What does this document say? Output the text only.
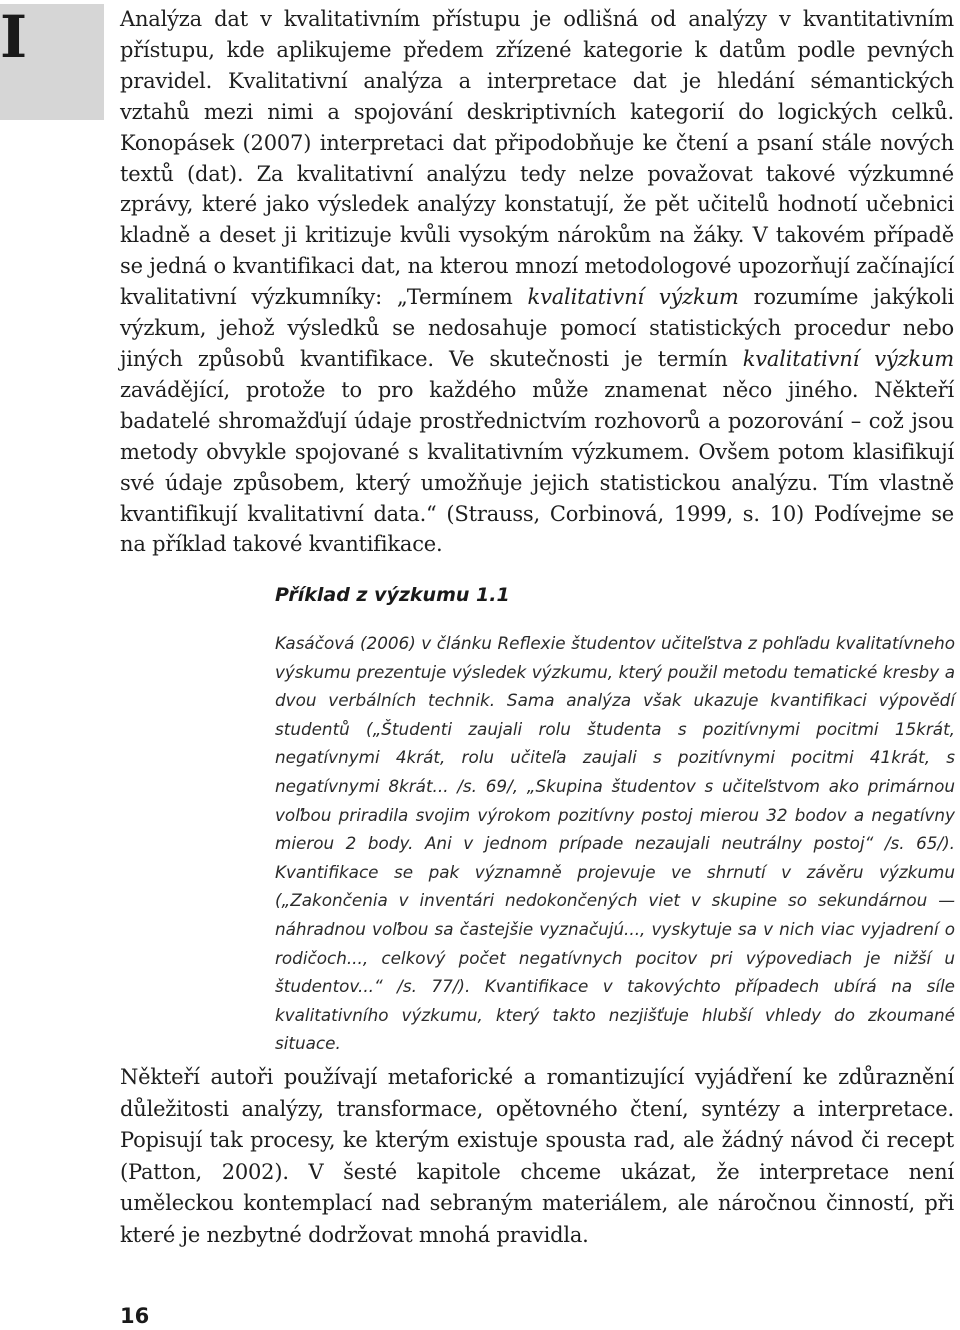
I	Analýza dat v kvalitativním přístupu je odlišná od analýzy v kvantitativním přístupu, kde aplikujeme předem zřízené kategorie k datům podle pevných pravidel. Kvalitativní analýza a interpretace dat je hledání sémantických vztahů mezi nimi a spojování deskriptivních kategorií do logických celků. Konopásek (2007) interpretaci dat připodobňuje ke čtení a psaní stále nových textů (dat). Za kvalitativní analýzu tedy nelze považovat takové výzkumné zprávy, které jako výsledek analýzy konstatují, že pět učitelů hodnotí učebnici kladně a deset ji kritizuje kvůli vysokým nárokům na žáky. V takovém případě se jedná o kvantifikaci dat, na kterou mnozí metodologové upozorňují začínající kvalitativní výzkumníky: „Termínem kvalitativní výzkum rozumíme jakýkoli výzkum, jehož výsledků se nedosahuje pomocí statistických procedur nebo jiných způsobů kvantifikace. Ve skutečnosti je termín kvalitativní výzkum zavádějící, protože to pro každého může znamenat něco jiného. Někteří badatelé shromažďují údaje prostřednictvím rozhovorů a pozorování – což jsou metody obvykle spojované s kvalitativním výzkumem. Ovšem potom klasifikují své údaje způsobem, který umožňuje jejich statistickou analýzu. Tím vlastně kvantifikují kvalitativní data.“ (Strauss, Corbinová, 1999, s. 10) Podívejme se na příklad takové kvantifikace.

Příklad z výzkumu 1.1

Kasáčová (2006) v článku Reflexie študentov učiteľstva z pohľadu kvalitatívneho výskumu prezentuje výsledek výzkumu, který použil metodu tematické kresby a dvou verbálních technik. Sama analýza však ukazuje kvantifikaci výpovědí studentů („Študenti zaujali rolu študenta s pozitívnymi pocitmi 15krát, negatívnymi 4krát, rolu učiteľa zaujali s pozitívnymi pocitmi 41krát, s negatívnymi 8krát... /s. 69/, „Skupina študentov s učiteľstvom ako primárnou voľbou priradila svojim výrokom pozitívny postoj mierou 32 bodov a negatívny mierou 2 body. Ani v jednom prípade nezaujali neutrálny postoj“ /s. 65/). Kvantifikace se pak významně projevuje ve shrnutí v závěru výzkumu („Zakončenia v inventári nedokončených viet v skupine so sekundárnou — náhradnou voľbou sa častejšie vyznačujú..., vyskytuje sa v nich viac vyjadrení o rodičoch..., celkový počet negatívnych pocitov pri výpovediach je nižší u študentov...“ /s. 77/). Kvantifikace v takovýchto případech ubírá na síle kvalitativního výzkumu, který takto nezjišťuje hlubší vhledy do zkoumané situace.

Někteří autoři používají metaforické a romantizující vyjádření ke zdůraznění důležitosti analýzy, transformace, opětovného čtení, syntézy a interpretace. Popisují tak procesy, ke kterým existuje spousta rad, ale žádný návod či recept (Patton, 2002). V šesté kapitole chceme ukázat, že interpretace není uměleckou kontemplací nad sebraným materiálem, ale náročnou činností, při které je nezbytné dodržovat mnohá pravidla.

16
